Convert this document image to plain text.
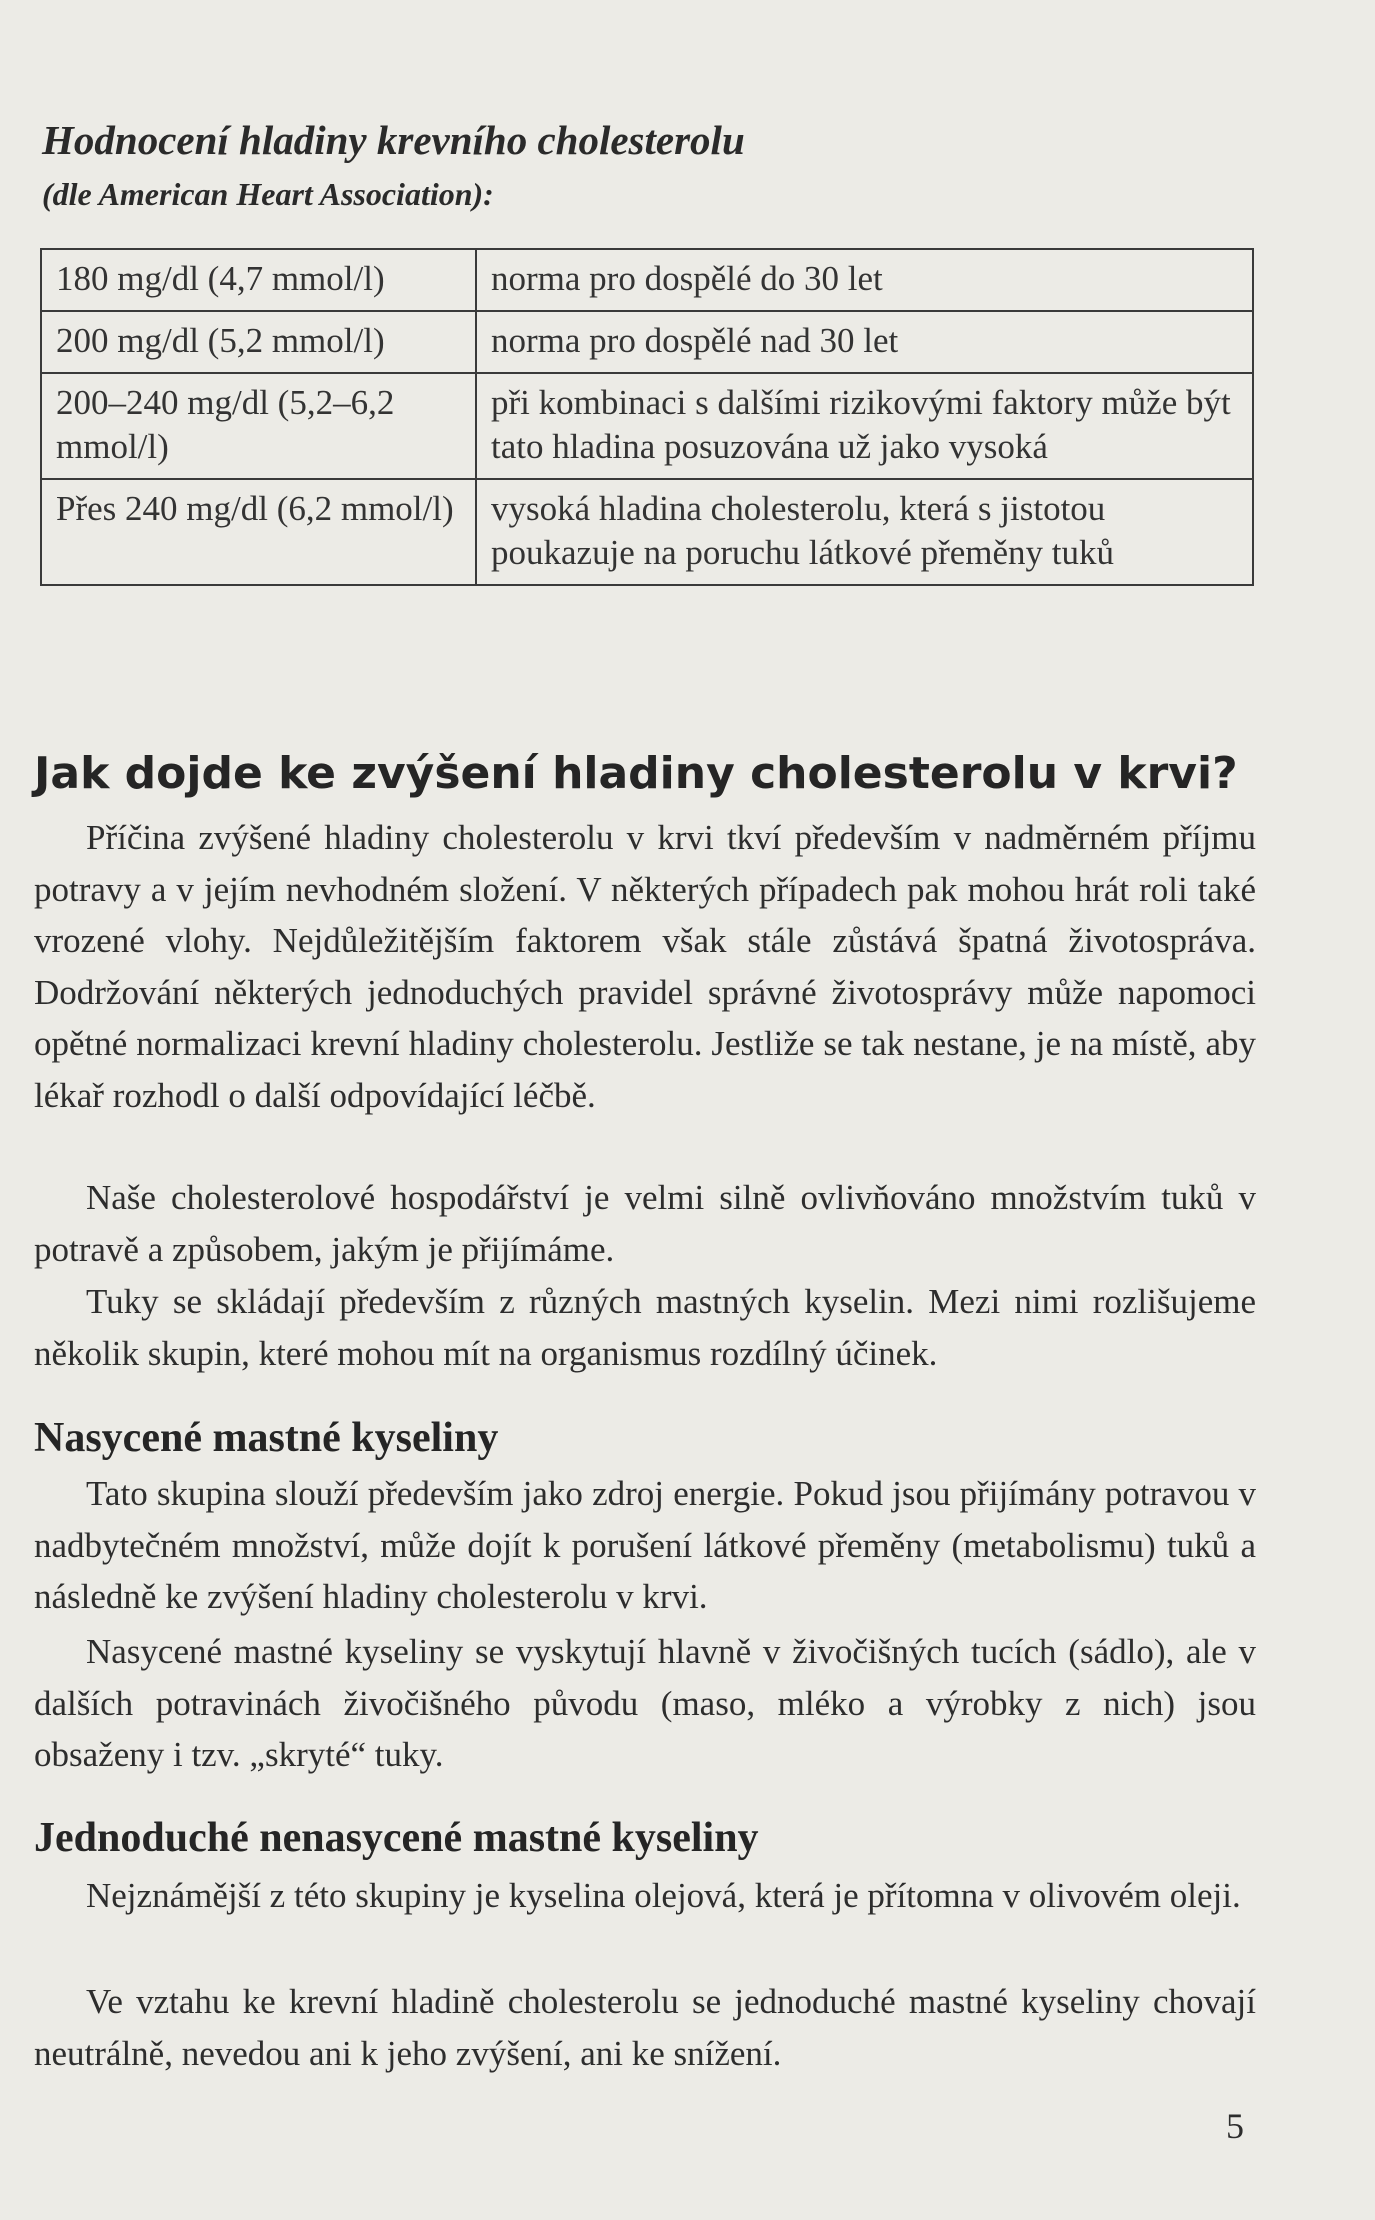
Hodnocení hladiny krevního cholesterolu

(dle American Heart Association):

180 mg/dl (4,7 mmol/l)	norma pro dospělé do 30 let
200 mg/dl (5,2 mmol/l)	norma pro dospělé nad 30 let
200–240 mg/dl (5,2–6,2 mmol/l)	při kombinaci s dalšími rizikovými faktory může být tato hladina posuzována už jako vysoká
Přes 240 mg/dl (6,2 mmol/l)	vysoká hladina cholesterolu, která s jistotou poukazuje na poruchu látkové přeměny tuků
Jak dojde ke zvýšení hladiny cholesterolu v krvi?

Příčina zvýšené hladiny cholesterolu v krvi tkví především v nadměrném příjmu potravy a v jejím nevhodném složení. V některých případech pak mohou hrát roli také vrozené vlohy. Nejdůležitějším faktorem však stále zůstává špatná životospráva. Dodržování některých jednoduchých pravidel správné životosprávy může napomoci opětné normalizaci krevní hladiny cholesterolu. Jestliže se tak nestane, je na místě, aby lékař rozhodl o další odpovídající léčbě.

Naše cholesterolové hospodářství je velmi silně ovlivňováno množstvím tuků v potravě a způsobem, jakým je přijímáme.

Tuky se skládají především z různých mastných kyselin. Mezi nimi rozlišujeme několik skupin, které mohou mít na organismus rozdílný účinek.

Nasycené mastné kyseliny

Tato skupina slouží především jako zdroj energie. Pokud jsou přijímány potravou v nadbytečném množství, může dojít k porušení látkové přeměny (metabolismu) tuků a následně ke zvýšení hladiny cholesterolu v krvi.

Nasycené mastné kyseliny se vyskytují hlavně v živočišných tucích (sádlo), ale v dalších potravinách živočišného původu (maso, mléko a výrobky z nich) jsou obsaženy i tzv. „skryté“ tuky.

Jednoduché nenasycené mastné kyseliny

Nejznámější z této skupiny je kyselina olejová, která je přítomna v olivovém oleji.

Ve vztahu ke krevní hladině cholesterolu se jednoduché mastné kyseliny chovají neutrálně, nevedou ani k jeho zvýšení, ani ke snížení.

5
